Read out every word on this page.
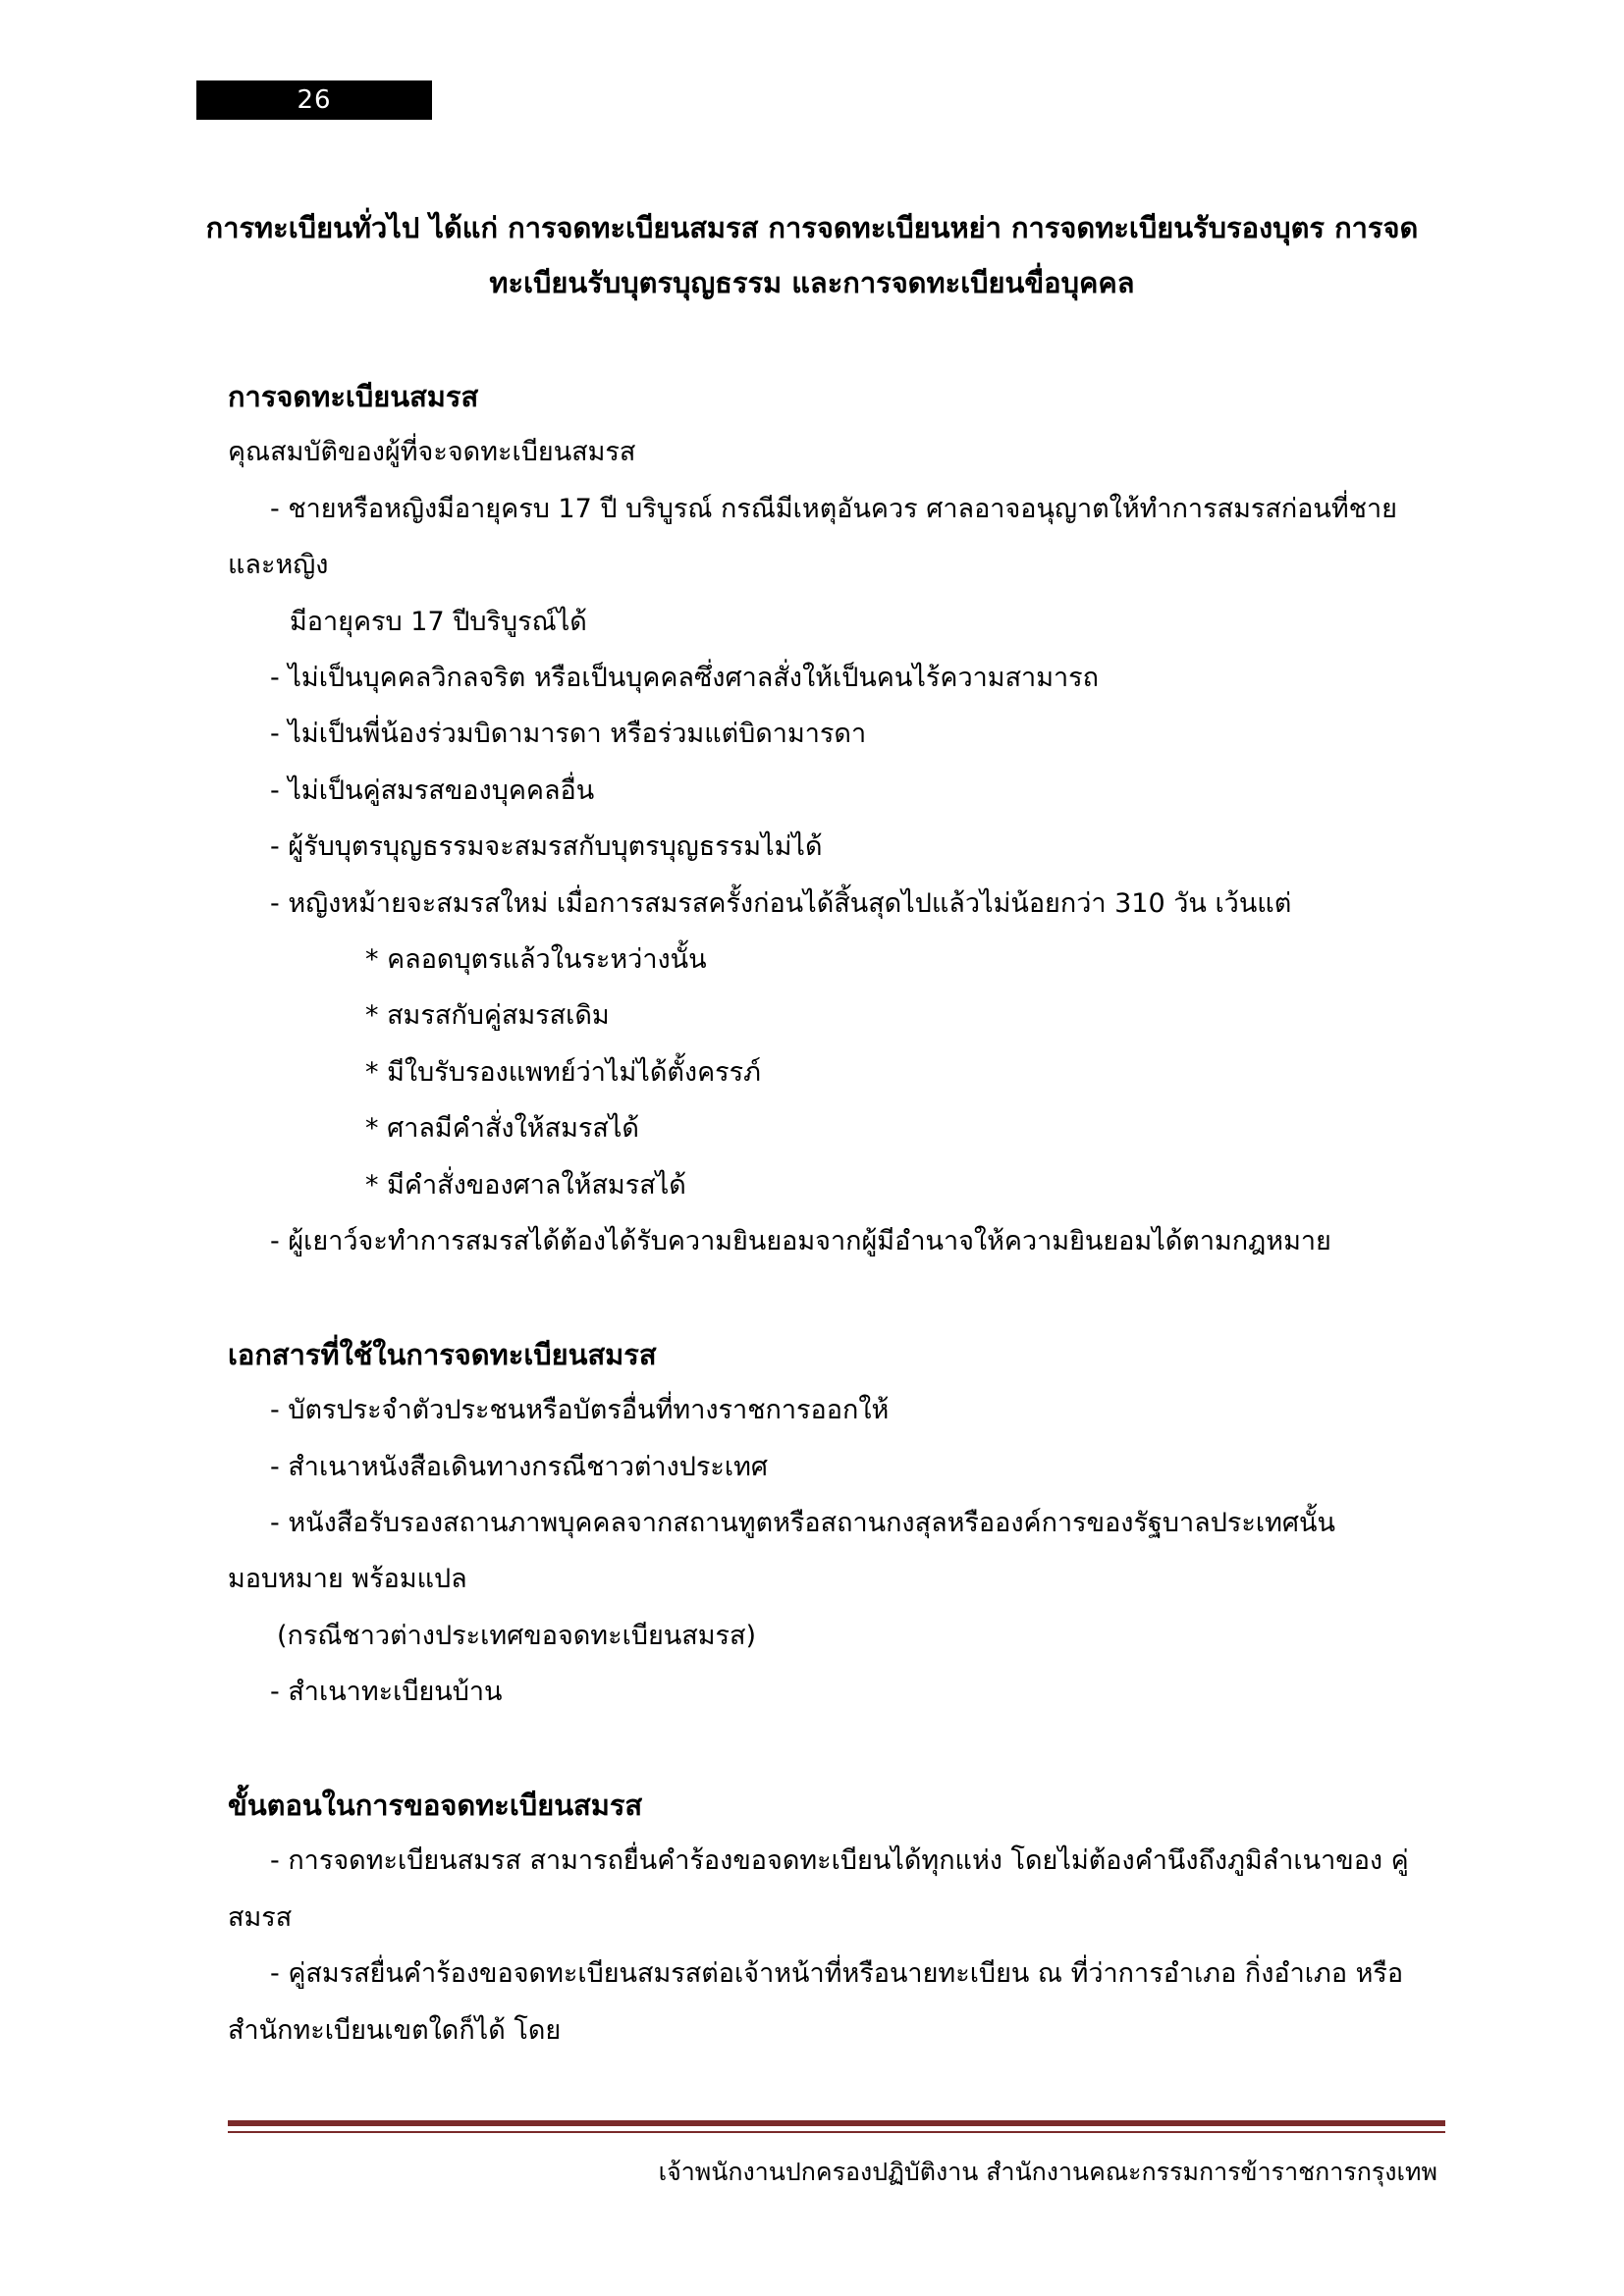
26
การทะเบียนทั่วไป ได้แก่ การจดทะเบียนสมรส การจดทะเบียนหย่า การจดทะเบียนรับรองบุตร การจด
ทะเบียนรับบุตรบุญธรรม และการจดทะเบียนขื่อบุคคล
การจดทะเบียนสมรส
คุณสมบัติของผู้ที่จะจดทะเบียนสมรส
- ชายหรือหญิงมีอายุครบ 17 ปี บริบูรณ์ กรณีมีเหตุอันควร ศาลอาจอนุญาตให้ทำการสมรสก่อนที่ชาย
และหญิง
มีอายุครบ 17 ปีบริบูรณ์ได้
- ไม่เป็นบุคคลวิกลจริต หรือเป็นบุคคลซึ่งศาลสั่งให้เป็นคนไร้ความสามารถ
- ไม่เป็นพี่น้องร่วมบิดามารดา หรือร่วมแต่บิดามารดา
- ไม่เป็นคู่สมรสของบุคคลอื่น
- ผู้รับบุตรบุญธรรมจะสมรสกับบุตรบุญธรรมไม่ได้
- หญิงหม้ายจะสมรสใหม่ เมื่อการสมรสครั้งก่อนได้สิ้นสุดไปแล้วไม่น้อยกว่า 310 วัน เว้นแต่
* คลอดบุตรแล้วในระหว่างนั้น
* สมรสกับคู่สมรสเดิม
* มีใบรับรองแพทย์ว่าไม่ได้ตั้งครรภ์
* ศาลมีคำสั่งให้สมรสได้
* มีคำสั่งของศาลให้สมรสได้
- ผู้เยาว์จะทำการสมรสได้ต้องได้รับความยินยอมจากผู้มีอำนาจให้ความยินยอมได้ตามกฎหมาย
เอกสารที่ใช้ในการจดทะเบียนสมรส
- บัตรประจำตัวประชนหรือบัตรอื่นที่ทางราชการออกให้
- สำเนาหนังสือเดินทางกรณีชาวต่างประเทศ
- หนังสือรับรองสถานภาพบุคคลจากสถานทูตหรือสถานกงสุลหรือองค์การของรัฐบาลประเทศนั้น
มอบหมาย พร้อมแปล
(กรณีชาวต่างประเทศขอจดทะเบียนสมรส)
- สำเนาทะเบียนบ้าน
ขั้นตอนในการขอจดทะเบียนสมรส
- การจดทะเบียนสมรส สามารถยื่นคำร้องขอจดทะเบียนได้ทุกแห่ง โดยไม่ต้องคำนึงถึงภูมิลำเนาของ คู่
สมรส
- คู่สมรสยื่นคำร้องขอจดทะเบียนสมรสต่อเจ้าหน้าที่หรือนายทะเบียน ณ ที่ว่าการอำเภอ กิ่งอำเภอ หรือ
สำนักทะเบียนเขตใดก็ได้ โดย
เจ้าพนักงานปกครองปฏิบัติงาน สำนักงานคณะกรรมการข้าราชการกรุงเทพ
